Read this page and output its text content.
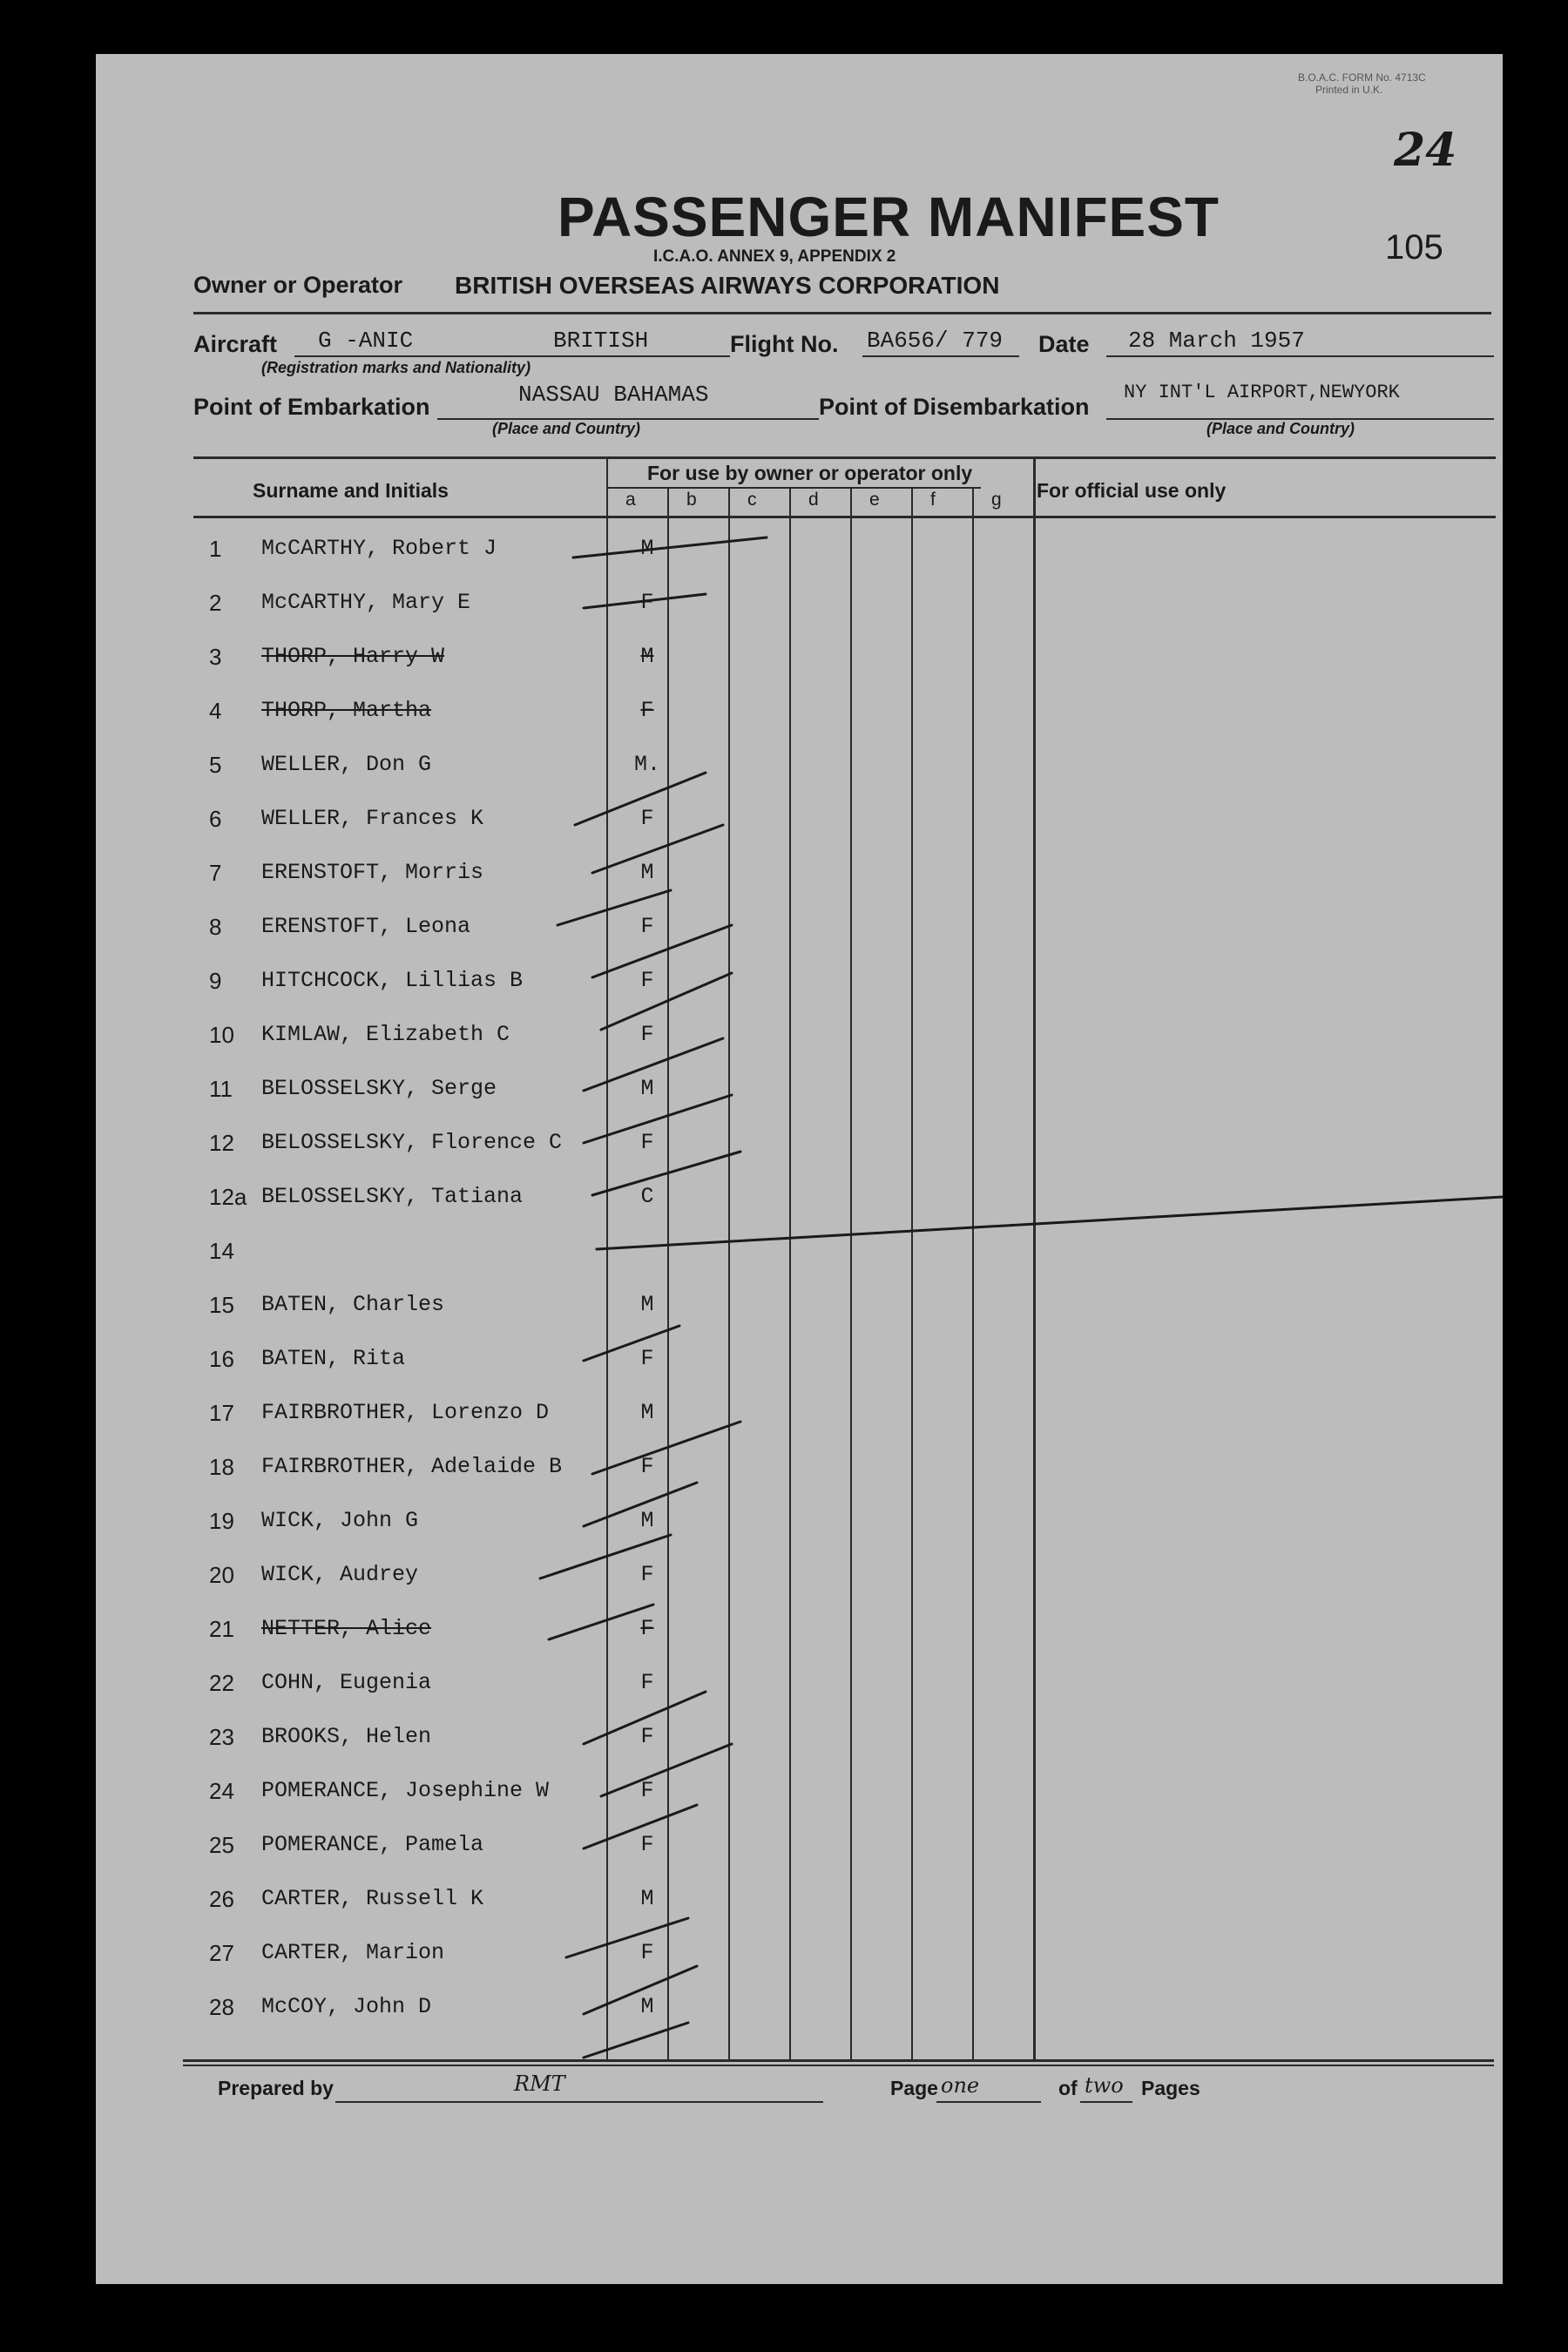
B.O.A.C. FORM No. 4713C
Printed in U.K.
24
105
PASSENGER MANIFEST
I.C.A.O. ANNEX 9, APPENDIX 2
Owner or Operator BRITISH OVERSEAS AIRWAYS CORPORATION
Aircraft G -ANIC	BRITISH
(Registration marks and Nationality)
Flight No. BA656/ 779 Date 28 March 1957
Point of Embarkation	NASSAU BAHAMAS
(Place and Country)
Point of Disembarkation
NY INT'L AIRPORT,NEWYORK
(Place and Country)
Surname and Initials
For use by owner or operator only
For official use only
a	b	c	d	e	f	g
1	McCARTHY, Robert J	M
2	McCARTHY, Mary E	F
3	THORP, Harry W	M
4	THORP, Martha	F
5	WELLER, Don G	M.
6	WELLER, Frances K	F
7	ERENSTOFT, Morris	M
8	ERENSTOFT, Leona	F
9	HITCHCOCK, Lillias B	F
10	KIMLAW, Elizabeth C	F
11	BELOSSELSKY, Serge	M
12	BELOSSELSKY, Florence C	F
12a BELOSSELSKY, Tatiana	C
14
15	BATEN, Charles	M
16	BATEN, Rita	F
17	FAIRBROTHER, Lorenzo D	M
18	FAIRBROTHER, Adelaide B	F
19	WICK, John G	M
20	WICK, Audrey	F
21	NETTER, Alice	F
22	COHN, Eugenia	F
23	BROOKS, Helen	F
24	POMERANCE, Josephine W	F
25	POMERANCE, Pamela	F
26	CARTER, Russell K	M
27	CARTER, Marion	F
28	McCOY, John D	M
Prepared by	RMT	Page one	of two Pages
